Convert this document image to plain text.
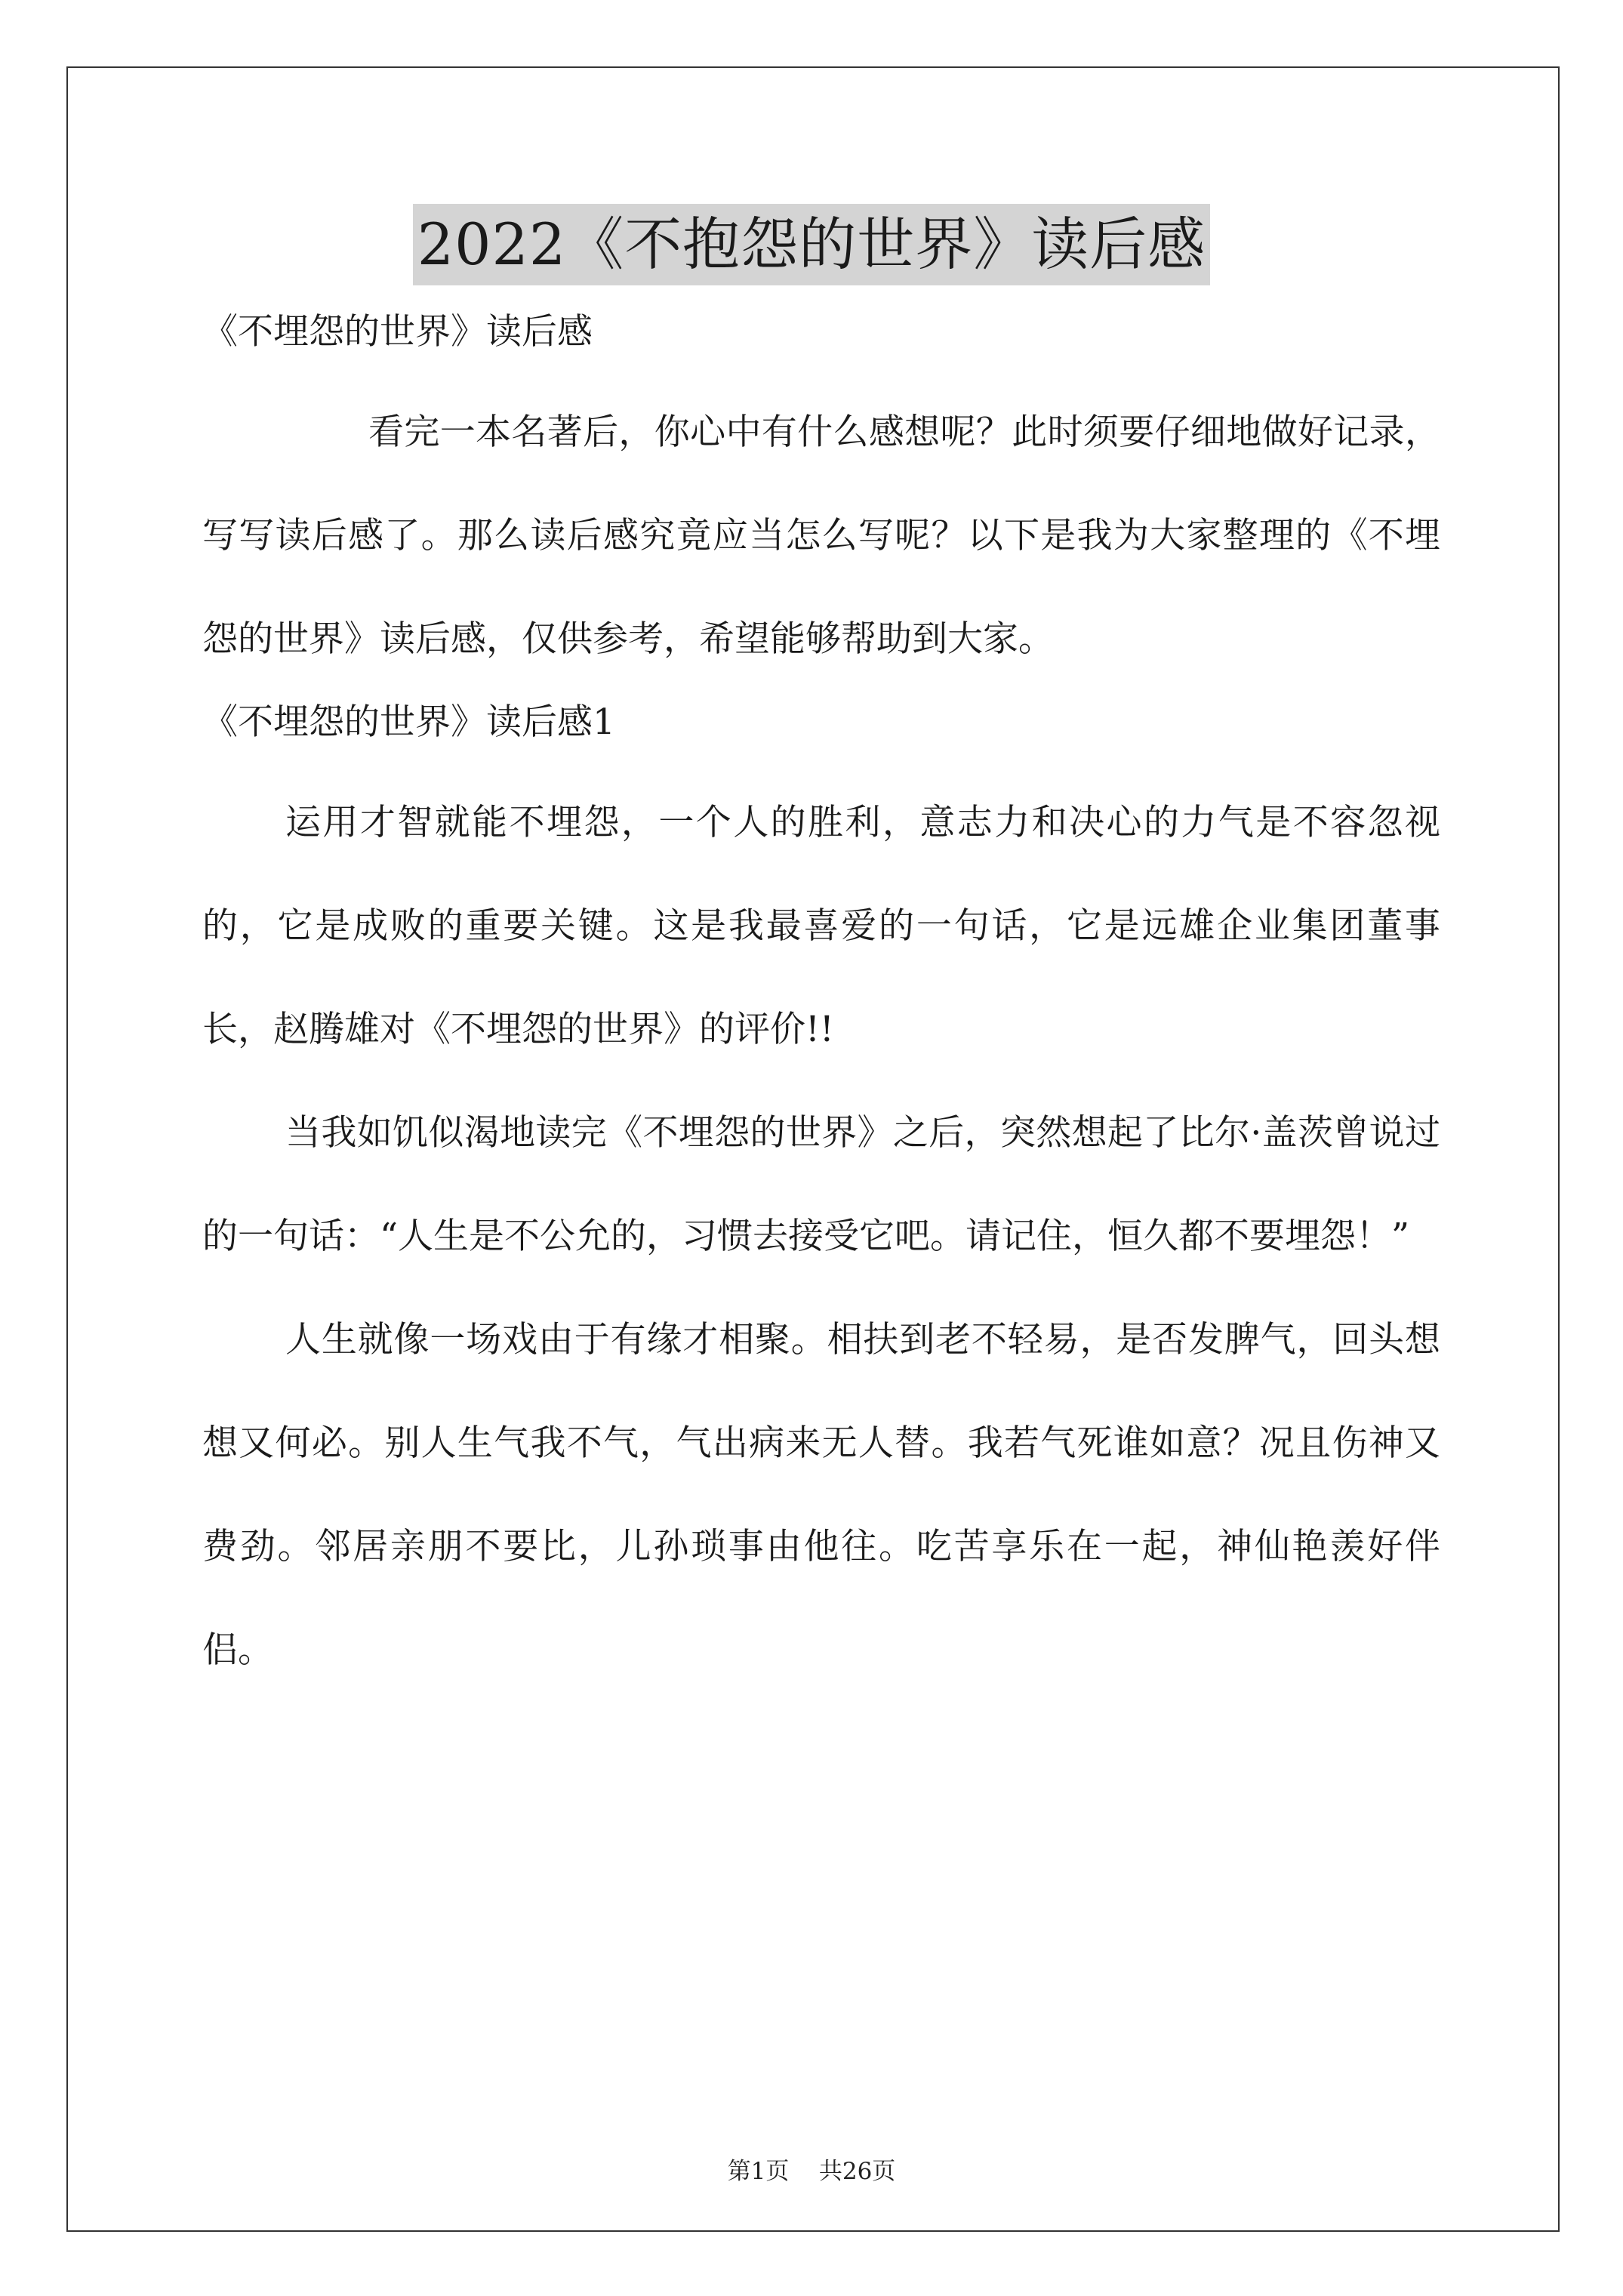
2022《不抱怨的世界》读后感

《不埋怨的世界》读后感

看完一本名著后，你心中有什么感想呢？此时须要仔细地做好记录，写写读后感了。那么读后感究竟应当怎么写呢？以下是我为大家整理的《不埋怨的世界》读后感，仅供参考，希望能够帮助到大家。

《不埋怨的世界》读后感1

运用才智就能不埋怨，一个人的胜利，意志力和决心的力气是不容忽视的，它是成败的重要关键。这是我最喜爱的一句话，它是远雄企业集团董事长，赵腾雄对《不埋怨的世界》的评价!!

当我如饥似渴地读完《不埋怨的世界》之后，突然想起了比尔·盖茨曾说过的一句话：“人生是不公允的，习惯去接受它吧。请记住，恒久都不要埋怨！”

人生就像一场戏由于有缘才相聚。相扶到老不轻易，是否发脾气，回头想想又何必。别人生气我不气，气出病来无人替。我若气死谁如意？况且伤神又费劲。邻居亲朋不要比，儿孙琐事由他往。吃苦享乐在一起，神仙艳羡好伴侣。

第1页 共26页
